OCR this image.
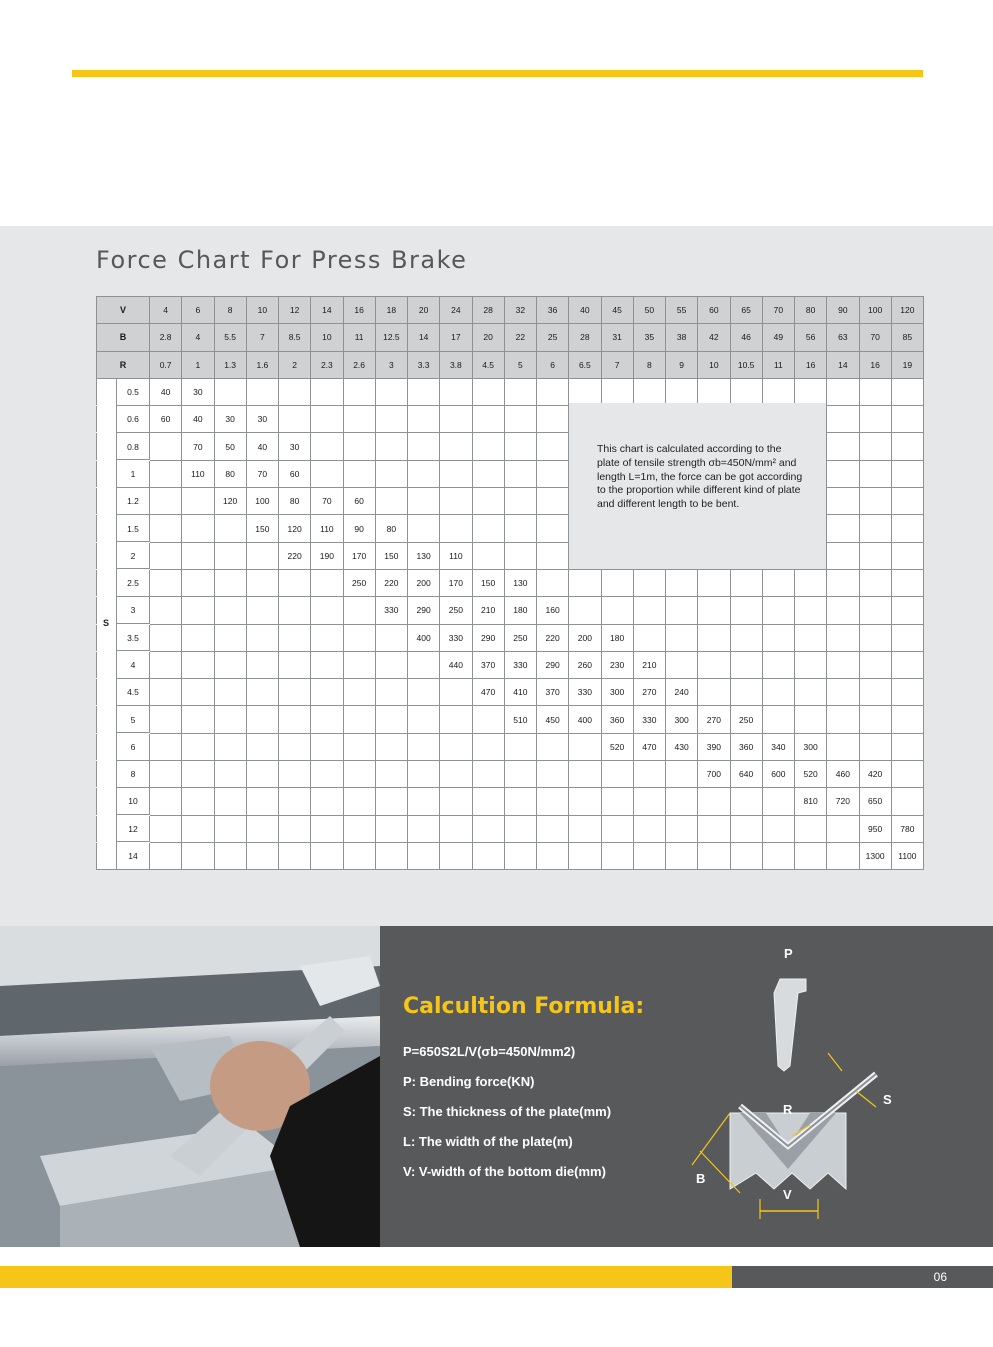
Force Chart For Press Brake
V	4	6	8	10	12	14	16	18	20	24	28	32	36	40	45	50	55	60	65	70	80	90	100	120
B	2.8	4	5.5	7	8.5	10	11	12.5	14	17	20	22	25	28	31	35	38	42	46	49	56	63	70	85
R	0.7	1	1.3	1.6	2	2.3	2.6	3	3.3	3.8	4.5	5	6	6.5	7	8	9	10	10.5	11	16	14	16	19

0.5	40	30																						

0.6	60	40	30	30																				

0.8		70	50	40	30																			

1		110	80	70	60																			

1.2			120	100	80	70	60																	

1.5				150	120	110	90	80																

2					220	190	170	150	130	110														

2.5							250	220	200	170	150	130												

3								330	290	250	210	180	160											

3.5									400	330	290	250	220	200	180									

4										440	370	330	290	260	230	210								

4.5											470	410	370	330	300	270	240							

5												510	450	400	360	330	300	270	250					

6															520	470	430	390	360	340	300			

8																		700	640	600	520	460	420	

10																					810	720	650	

12																							950	780

14																							1300	1100
S
This chart is calculated according to the plate of tensile strength σb=450N/mm² and length L=1m, the force can be got according to the proportion while different kind of plate and different length to be bent.
Calcultion Formula:
P=650S2L/V(σb=450N/mm2)
P: Bending force(KN)
S: The thickness of the plate(mm)
L: The width of the plate(m)
V: V-width of the bottom die(mm)
P
R
S
B
V
06
